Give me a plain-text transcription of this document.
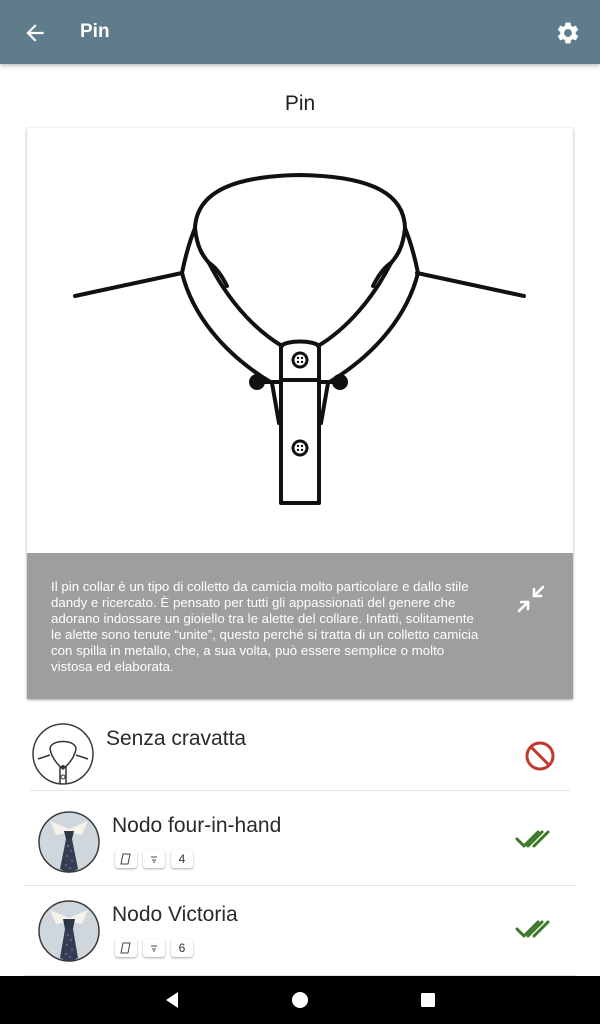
Pin
Pin
Il pin collar è un tipo di colletto da camicia molto particolare e dallo stile dandy e ricercato. È pensato per tutti gli appassionati del genere che adorano indossare un gioiello tra le alette del collare. Infatti, solitamente le alette sono tenute “unite”, questo perché si tratta di un colletto camicia con spilla in metallo, che, a sua volta, può essere semplice o molto vistosa ed elaborata.
Senza cravatta
Nodo four-in-hand
4
Nodo Victoria
6
